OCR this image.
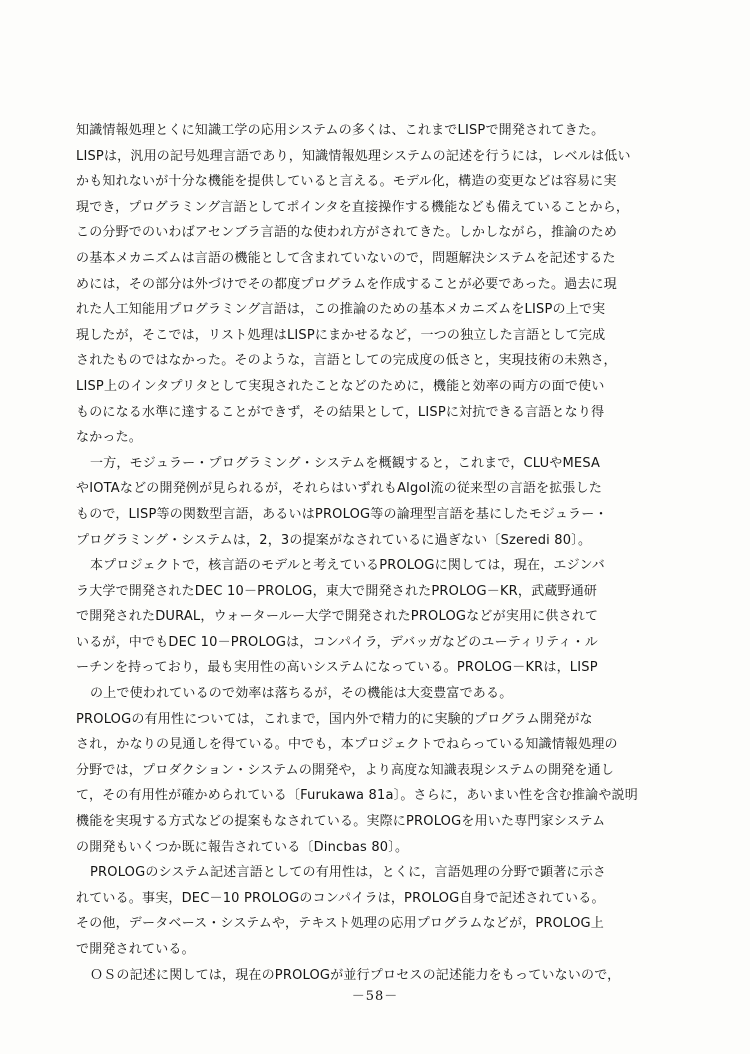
知識情報処理とくに知識工学の応用システムの多くは、これまでLISPで開発されてきた。
LISPは，汎用の記号処理言語であり，知識情報処理システムの記述を行うには，レベルは低い
かも知れないが十分な機能を提供していると言える。モデル化，構造の変更などは容易に実
現でき，プログラミング言語としてポインタを直接操作する機能なども備えていることから，
この分野でのいわばアセンブラ言語的な使われ方がされてきた。しかしながら，推論のため
の基本メカニズムは言語の機能として含まれていないので，問題解決システムを記述するた
めには，その部分は外づけでその都度プログラムを作成することが必要であった。過去に現
れた人工知能用プログラミング言語は，この推論のための基本メカニズムをLISPの上で実
現したが，そこでは，リスト処理はLISPにまかせるなど，一つの独立した言語として完成
されたものではなかった。そのような，言語としての完成度の低さと，実現技術の未熟さ，
LISP上のインタプリタとして実現されたことなどのために，機能と効率の両方の面で使い
ものになる水準に達することができず，その結果として，LISPに対抗できる言語となり得
なかった。
一方，モジュラー・プログラミング・システムを概観すると，これまで，CLUやMESA
やIOTAなどの開発例が見られるが，それらはいずれもAlgol流の従来型の言語を拡張した
もので，LISP等の関数型言語，あるいはPROLOG等の論理型言語を基にしたモジュラー・
プログラミング・システムは，2，3の提案がなされているに過ぎない〔Szeredi 80〕。
本プロジェクトで，核言語のモデルと考えているPROLOGに関しては，現在，エジンバ
ラ大学で開発されたDEC 10－PROLOG，東大で開発されたPROLOG－KR，武蔵野通研
で開発されたDURAL，ウォータールー大学で開発されたPROLOGなどが実用に供されて
いるが，中でもDEC 10－PROLOGは，コンパイラ，デバッガなどのユーティリティ・ル
ーチンを持っており，最も実用性の高いシステムになっている。PROLOG－KRは，LISP
の上で使われているので効率は落ちるが，その機能は大変豊富である。
PROLOGの有用性については，これまで，国内外で精力的に実験的プログラム開発がな
され，かなりの見通しを得ている。中でも，本プロジェクトでねらっている知識情報処理の
分野では，プロダクション・システムの開発や，より高度な知識表現システムの開発を通し
て，その有用性が確かめられている〔Furukawa 81a〕。さらに，あいまい性を含む推論や説明
機能を実現する方式などの提案もなされている。実際にPROLOGを用いた専門家システム
の開発もいくつか既に報告されている〔Dincbas 80〕。
PROLOGのシステム記述言語としての有用性は，とくに，言語処理の分野で顕著に示さ
れている。事実，DEC－10 PROLOGのコンパイラは，PROLOG自身で記述されている。
その他，データベース・システムや，テキスト処理の応用プログラムなどが，PROLOG上
で開発されている。
ＯＳの記述に関しては，現在のPROLOGが並行プロセスの記述能力をもっていないので，
－58－
